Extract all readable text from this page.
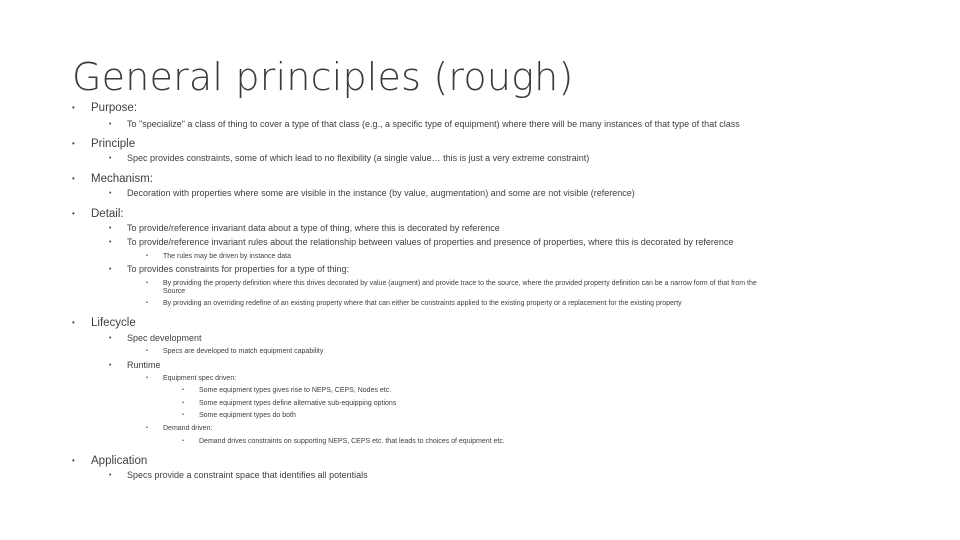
General principles (rough)
• Purpose:
• To "specialize" a class of thing to cover a type of that class (e.g., a specific type of equipment) where there will be many instances of that type of that class
• Principle
• Spec provides constraints, some of which lead to no flexibility (a single value… this is just a very extreme constraint)
• Mechanism:
• Decoration with properties where some are visible in the instance (by value, augmentation) and some are not visible (reference)
• Detail:
• To provide/reference invariant data about a type of thing, where this is decorated by reference
• To provide/reference invariant rules about the relationship between values of properties and presence of properties, where this is decorated by reference
• The rules may be driven by instance data
• To provides constraints for properties for a type of thing:
• By providing the property definition where this drives decorated by value (augment) and provide trace to the source, where the provided property definition can be a narrow form of that from the
Source
• By providing an overriding redefine of an existing property where that can either be constraints applied to the existing property or a replacement for the existing property
• Lifecycle
• Spec development
• Specs are developed to match equipment capability
• Runtime
• Equipment spec driven:
• Some equipment types gives rise to NEPS, CEPS, Nodes etc.
• Some equipment types define alternative sub-equipping options
• Some equipment types do both
• Demand driven:
• Demand drives constraints on supporting NEPS, CEPS etc. that leads to choices of equipment etc.
• Application
• Specs provide a constraint space that identifies all potentials
